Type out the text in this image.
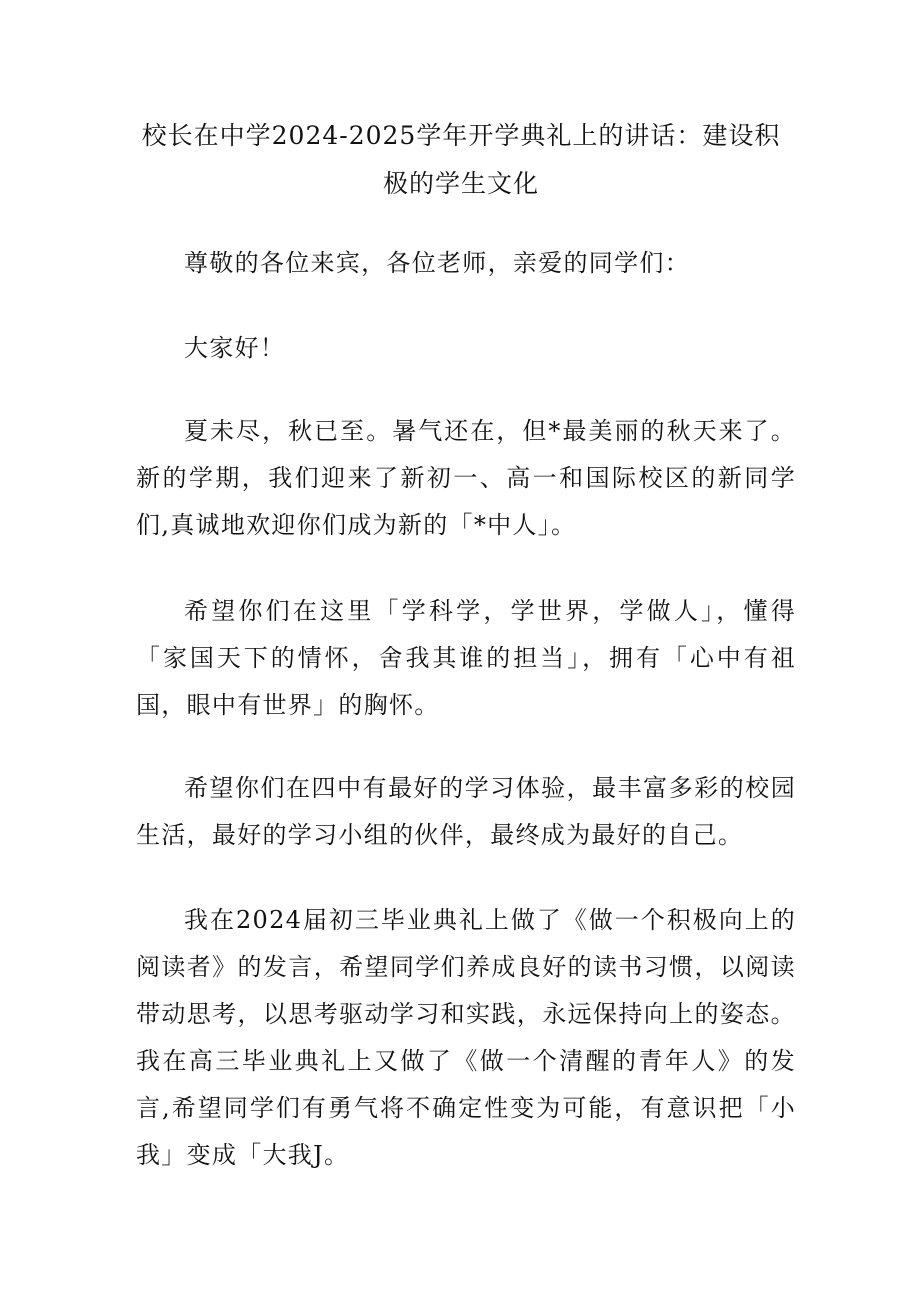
校长在中学2024-2025学年开学典礼上的讲话：建设积极的学生文化

尊敬的各位来宾，各位老师，亲爱的同学们：

大家好！

夏未尽，秋已至。暑气还在，但*最美丽的秋天来了。新的学期，我们迎来了新初一、高一和国际校区的新同学们,真诚地欢迎你们成为新的「*中人」。

希望你们在这里「学科学，学世界，学做人」，懂得「家国天下的情怀，舍我其谁的担当」，拥有「心中有祖国，眼中有世界」的胸怀。

希望你们在四中有最好的学习体验，最丰富多彩的校园生活，最好的学习小组的伙伴，最终成为最好的自己。

我在2024届初三毕业典礼上做了《做一个积极向上的阅读者》的发言，希望同学们养成良好的读书习惯，以阅读带动思考，以思考驱动学习和实践，永远保持向上的姿态。我在高三毕业典礼上又做了《做一个清醒的青年人》的发言,希望同学们有勇气将不确定性变为可能，有意识把「小我」变成「大我J。
